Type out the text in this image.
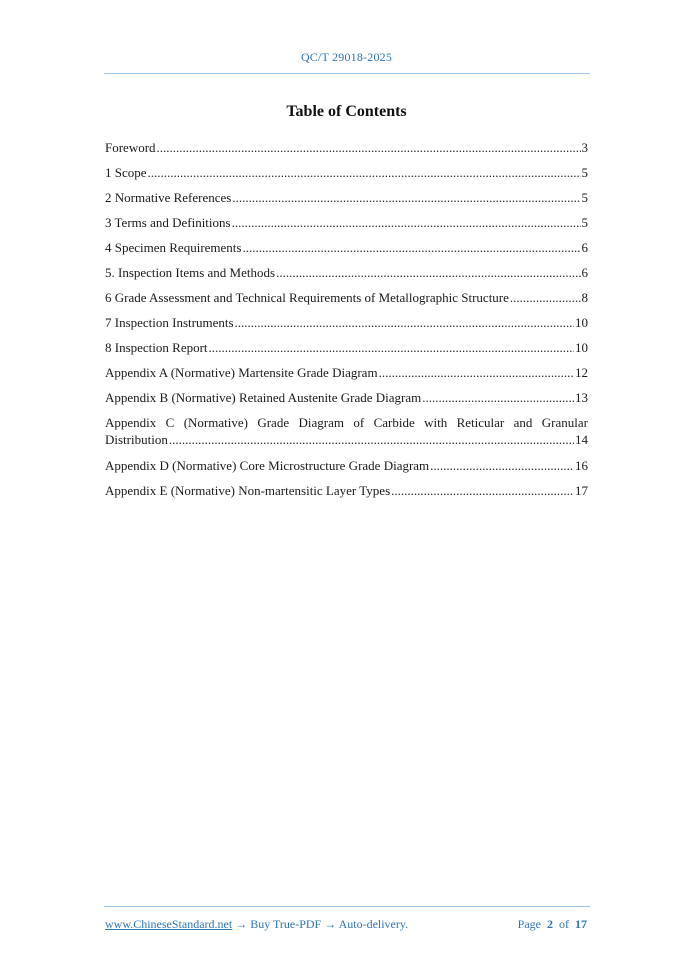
QC/T 29018-2025
Table of Contents
Foreword .....	3
1 Scope .....	5
2 Normative References .....	5
3 Terms and Definitions .....	5
4 Specimen Requirements .....	6
5. Inspection Items and Methods .....	6
6 Grade Assessment and Technical Requirements of Metallographic Structure .....	8
7 Inspection Instruments .....	10
8 Inspection Report .....	10
Appendix A (Normative) Martensite Grade Diagram .....	12
Appendix B (Normative) Retained Austenite Grade Diagram .....	13
Appendix C (Normative) Grade Diagram of Carbide with Reticular and Granular
Distribution .....	14
Appendix D (Normative) Core Microstructure Grade Diagram .....	16
Appendix E (Normative) Non-martensitic Layer Types .....	17
www.ChineseStandard.net → Buy True-PDF → Auto-delivery.	Page 2 of 17
